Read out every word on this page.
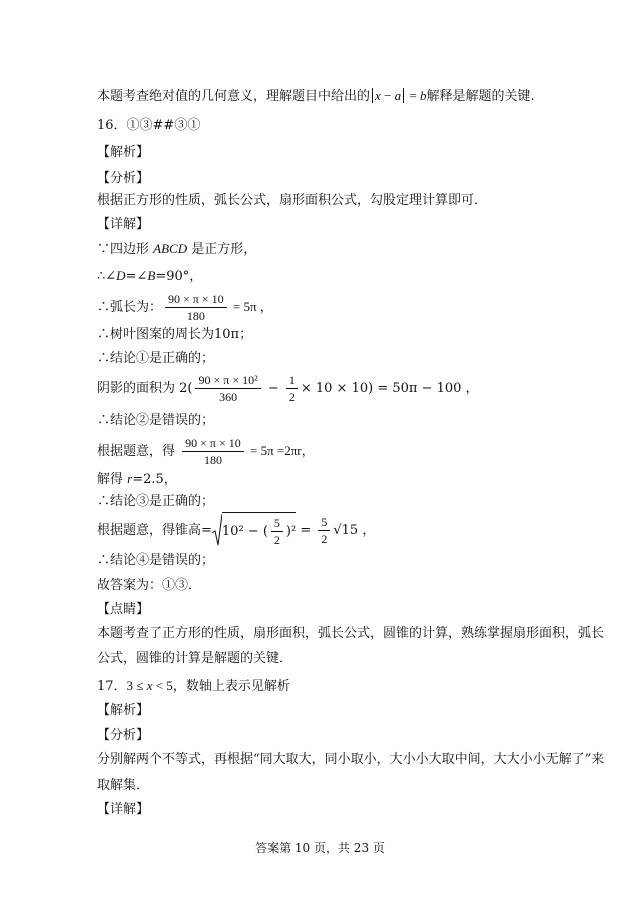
本题考查绝对值的几何意义，理解题目中给出的 x − a = b解释是解题的关键.
16．①③##③①
【解析】
【分析】
根据正方形的性质，弧长公式，扇形面积公式，勾股定理计算即可．
【详解】
∵四边形 ABCD 是正方形，
∴∠D=∠B=90°，
∴弧长为： $\frac{90 \times \pi \times 10}{180} = 5\pi$ ，
∴树叶图案的周长为10π；
∴结论①是正确的；
阴影的面积为 $2( \frac{\text{90 × π × 10²}}{360} - \frac{1}{2} \times 10 \times 10) = 50\pi - 100$ ，
∴结论②是错误的；
根据题意，得 $\frac{90 \times \pi \times 10}{180} = 5\pi =2\pi r$，
解得 r=2.5，
∴结论③是正确的；
根据题意，得锥高= 10² − ( $\frac{5}{2} )^2 = \frac{5}{2} √15$ ，
∴结论④是错误的；
故答案为：①③．
【点睛】
本题考查了正方形的性质，扇形面积，弧长公式，圆锥的计算，熟练掌握扇形面积，弧长
公式，圆锥的计算是解题的关键．
17．3 ≤ x < 5，数轴上表示见解析
【解析】
【分析】
分别解两个不等式，再根据“同大取大，同小取小，大小小大取中间，大大小小无解了”来
取解集．
【详解】
答案第 10 页，共 23 页
